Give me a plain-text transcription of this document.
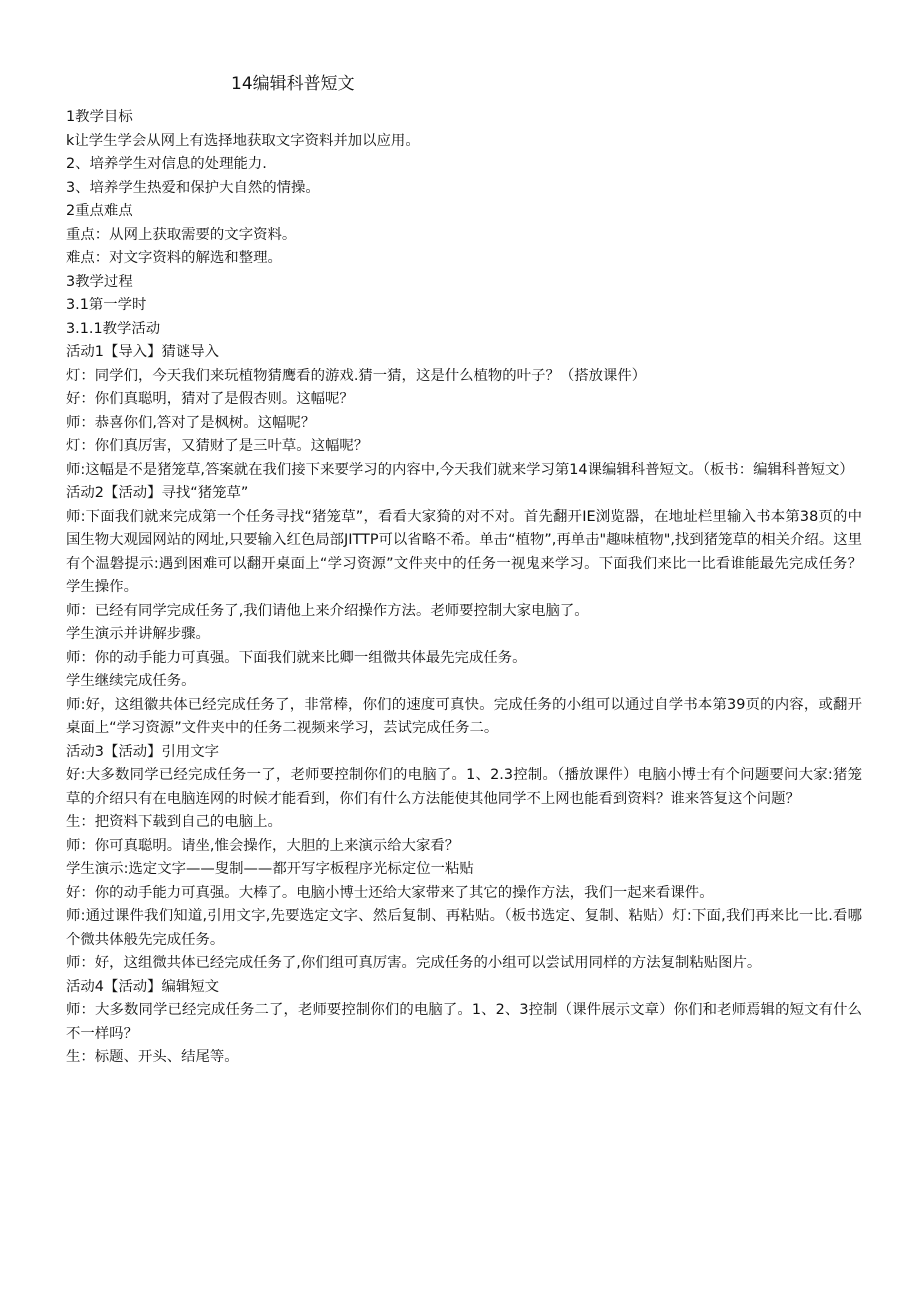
14编辑科普短文

1教学目标

k让学生学会从网上有选择地获取文字资料并加以应用。

2、培养学生对信息的处理能力.

3、培养学生热爱和保护大自然的情操。

2重点难点

重点：从网上获取需要的文字资料。

难点：对文字资料的解选和整理。

3教学过程

3.1第一学时

3.1.1教学活动

活动1【导入】猜谜导入

灯：同学们，今天我们来玩植物猜鹰看的游戏.猜一猜，这是什么植物的叶子？（搭放课件）

好：你们真聪明，猜对了是假杏则。这幅呢？

师：恭喜你们,答对了是枫树。这幅呢？

灯：你们真厉害，又猜财了是三叶草。这幅呢？

师:这幅是不是猪笼草,答案就在我们接下来要学习的内容中,今天我们就来学习第14课编辑科普短文。（板书：编辑科普短文）

活动2【活动】寻找“猪笼草”

师:下面我们就来完成第一个任务寻找“猪笼草”，看看大家猗的对不对。首先翻开IE浏览器，在地址栏里输入书本第38页的中国生物大观园网站的网址,只要输入红色局部JITTP可以省略不希。单击“植物”,再单击"趣味植物",找到猪笼草的相关介绍。这里有个温磐提示:遇到困难可以翻开桌面上“学习资源”文件夹中的任务一视鬼来学习。下面我们来比一比看谁能最先完成任务？学生操作。

师：已经有同学完成任务了,我们请他上来介绍操作方法。老师要控制大家电脑了。

学生演示并讲解步骤。

师：你的动手能力可真强。下面我们就来比卿一组微共体最先完成任务。

学生继续完成任务。

师:好，这组徽共体已经完成任务了，非常棒，你们的速度可真快。完成任务的小组可以通过自学书本第39页的内容，或翻开桌面上“学习资源”文件夹中的任务二视频来学习，芸试完成任务二。

活动3【活动】引用文字

好:大多数同学已经完成任务一了，老师要控制你们的电脑了。1、2.3控制。（播放课件）电脑小博士有个问题要问大家:猪笼草的介绍只有在电脑连网的时候才能看到，你们有什么方法能使其他同学不上网也能看到资料？谁来答复这个问题？

生：把资料下载到自己的电脑上。

师：你可真聪明。请坐,惟会操作，大胆的上来演示给大家看？

学生演示:选定文字——叟制——都开写字板程序光标定位一粘贴

好：你的动手能力可真强。大棒了。电脑小博士还给大家带来了其它的操作方法，我们一起来看课件。

师:通过课件我们知道,引用文字,先要选定文字、然后复制、再粘贴。（板书选定、复制、粘贴）灯:下面,我们再来比一比.看哪个微共体般先完成任务。

师：好，这组微共体已经完成任务了,你们组可真厉害。完成任务的小组可以尝试用同样的方法复制粘贴图片。

活动4【活动】编辑短文

师：大多数同学已经完成任务二了，老师要控制你们的电脑了。1、2、3控制（课件展示文章）你们和老师焉辑的短文有什么不一样吗？

生：标题、开头、结尾等。
